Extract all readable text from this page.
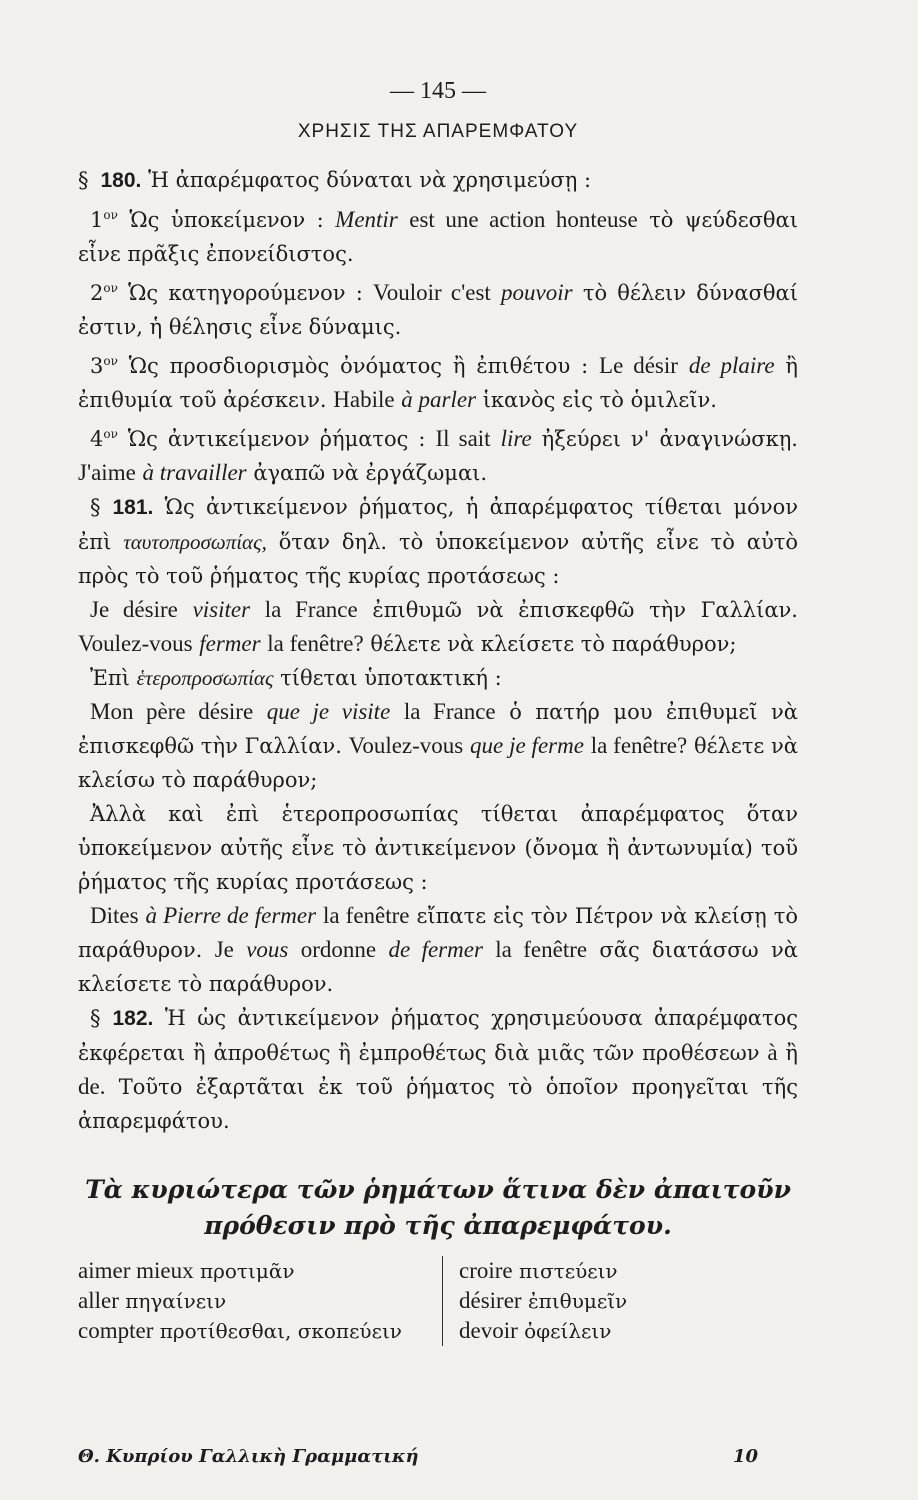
— 145 —
ΧΡΗΣΙΣ ΤΗΣ ΑΠΑΡΕΜΦΑΤΟΥ

§ 180. Ἡ ἀπαρέμφατος δύναται νὰ χρησιμεύσῃ :

$1^{o\nu}$ Ὡς ὑποκείμενον : Mentir est une action honteuse τὸ ψεύδεσθαι εἶνε πρᾶξις ἐπονείδιστος.

$2^{o\nu}$ Ὡς κατηγορούμενον : Vouloir c'est pouvoir τὸ θέλειν δύνασθαί ἐστιν, ἡ θέλησις εἶνε δύναμις.

$3^{o\nu}$ Ὡς προσδιορισμὸς ὀνόματος ἢ ἐπιθέτου : Le désir de plaire ἢ ἐπιθυμία τοῦ ἀρέσκειν. Habile à parler ἱκανὸς εἰς τὸ ὁμιλεῖν.

$4^{o\nu}$ Ὡς ἀντικείμενον ῥήματος : Il sait lire ἠξεύρει ν' ἀναγινώσκῃ. J'aime à travailler ἀγαπῶ νὰ ἐργάζωμαι.

§ 181. Ὡς ἀντικείμενον ῥήματος, ἡ ἀπαρέμφατος τίθεται μόνον ἐπὶ ταυτοπροσωπίας, ὅταν δηλ. τὸ ὑποκείμενον αὐτῆς εἶνε τὸ αὐτὸ πρὸς τὸ τοῦ ῥήματος τῆς κυρίας προτάσεως :

Je désire visiter la France ἐπιθυμῶ νὰ ἐπισκεφθῶ τὴν Γαλλίαν. Voulez-vous fermer la fenêtre? θέλετε νὰ κλείσετε τὸ παράθυρον;

Ἐπὶ ἑτεροπροσωπίας τίθεται ὑποτακτική :

Mon père désire que je visite la France ὁ πατήρ μου ἐπιθυμεῖ νὰ ἐπισκεφθῶ τὴν Γαλλίαν. Voulez-vous que je ferme la fenêtre? θέλετε νὰ κλείσω τὸ παράθυρον;

Ἀλλὰ καὶ ἐπὶ ἑτεροπροσωπίας τίθεται ἀπαρέμφατος ὅταν ὑποκείμενον αὐτῆς εἶνε τὸ ἀντικείμενον (ὄνομα ἢ ἀντωνυμία) τοῦ ῥήματος τῆς κυρίας προτάσεως :

Dites à Pierre de fermer la fenêtre εἴπατε εἰς τὸν Πέτρον νὰ κλείσῃ τὸ παράθυρον. Je vous ordonne de fermer la fenêtre σᾶς διατάσσω νὰ κλείσετε τὸ παράθυρον.

§ 182. Ἡ ὡς ἀντικείμενον ῥήματος χρησιμεύουσα ἀπαρέμφατος ἐκφέρεται ἢ ἀπροθέτως ἢ ἐμπροθέτως διὰ μιᾶς τῶν προθέσεων à ἢ de. Τοῦτο ἐξαρτᾶται ἐκ τοῦ ῥήματος τὸ ὁποῖον προηγεῖται τῆς ἀπαρεμφάτου.

Τὰ κυριώτερα τῶν ῥημάτων ἅτινα δὲν ἀπαιτοῦν
πρόθεσιν πρὸ τῆς ἀπαρεμφάτου.
aimer mieux προτιμᾶν
aller πηγαίνειν
compter προτίθεσθαι, σκοπεύειν
croire πιστεύειν
désirer ἐπιθυμεῖν
devoir ὀφείλειν
Θ. Κυπρίου Γαλλικὴ Γραμματική	10
